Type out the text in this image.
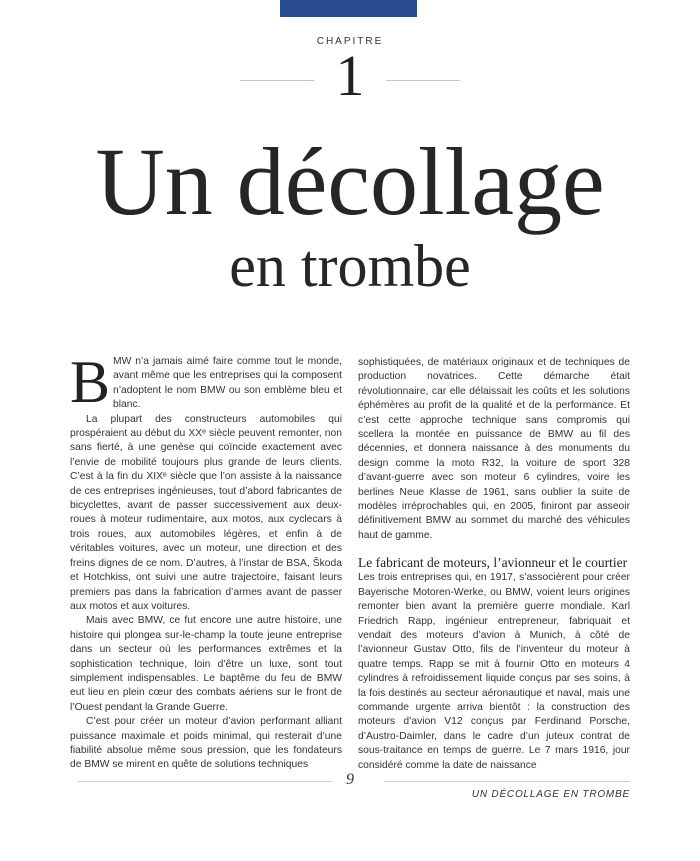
CHAPITRE
1
Un décollage
en trombe

BMW n’a jamais aimé faire comme tout le monde, avant même que les entreprises qui la composent n’adoptent le nom BMW ou son emblème bleu et blanc.

La plupart des constructeurs automobiles qui prospéraient au début du XXᵉ siècle peuvent remonter, non sans fierté, à une genèse qui coïncide exactement avec l’envie de mobilité toujours plus grande de leurs clients. C’est à la fin du XIXᵉ siècle que l’on assiste à la naissance de ces entreprises ingénieuses, tout d’abord fabricantes de bicyclettes, avant de passer successivement aux deux-roues à moteur rudimentaire, aux motos, aux cyclecars à trois roues, aux automobiles légères, et enfin à de véritables voitures, avec un moteur, une direction et des freins dignes de ce nom. D’autres, à l’instar de BSA, Škoda et Hotchkiss, ont suivi une autre trajectoire, faisant leurs premiers pas dans la fabrication d’armes avant de passer aux motos et aux voitures.

Mais avec BMW, ce fut encore une autre histoire, une histoire qui plongea sur-le-champ la toute jeune entreprise dans un secteur où les performances extrêmes et la sophistication technique, loin d’être un luxe, sont tout simplement indispensables. Le baptême du feu de BMW eut lieu en plein cœur des combats aériens sur le front de l’Ouest pendant la Grande Guerre.

C’est pour créer un moteur d’avion performant alliant puissance maximale et poids minimal, qui resterait d’une fiabilité absolue même sous pression, que les fondateurs de BMW se mirent en quête de solutions techniques

sophistiquées, de matériaux originaux et de techniques de production novatrices. Cette démarche était révolutionnaire, car elle délaissait les coûts et les solutions éphémères au profit de la qualité et de la performance. Et c’est cette approche technique sans compromis qui scellera la montée en puissance de BMW au fil des décennies, et donnera naissance à des monuments du design comme la moto R32, la voiture de sport 328 d’avant-guerre avec son moteur 6 cylindres, voire les berlines Neue Klasse de 1961, sans oublier la suite de modèles irréprochables qui, en 2005, finiront par asseoir définitivement BMW au sommet du marché des véhicules haut de gamme.

Le fabricant de moteurs, l’avionneur et le courtier

Les trois entreprises qui, en 1917, s’associèrent pour créer Bayerische Motoren-Werke, ou BMW, voient leurs origines remonter bien avant la première guerre mondiale. Karl Friedrich Rapp, ingénieur entrepreneur, fabriquait et vendait des moteurs d’avion à Munich, à côté de l’avionneur Gustav Otto, fils de l’inventeur du moteur à quatre temps. Rapp se mit à fournir Otto en moteurs 4 cylindres à refroidissement liquide conçus par ses soins, à la fois destinés au secteur aéronautique et naval, mais une commande urgente arriva bientôt : la construction des moteurs d’avion V12 conçus par Ferdinand Porsche, d’Austro-Daimler, dans le cadre d’un juteux contrat de sous-traitance en temps de guerre. Le 7 mars 1916, jour considéré comme la date de naissance

9
UN DÉCOLLAGE EN TROMBE
